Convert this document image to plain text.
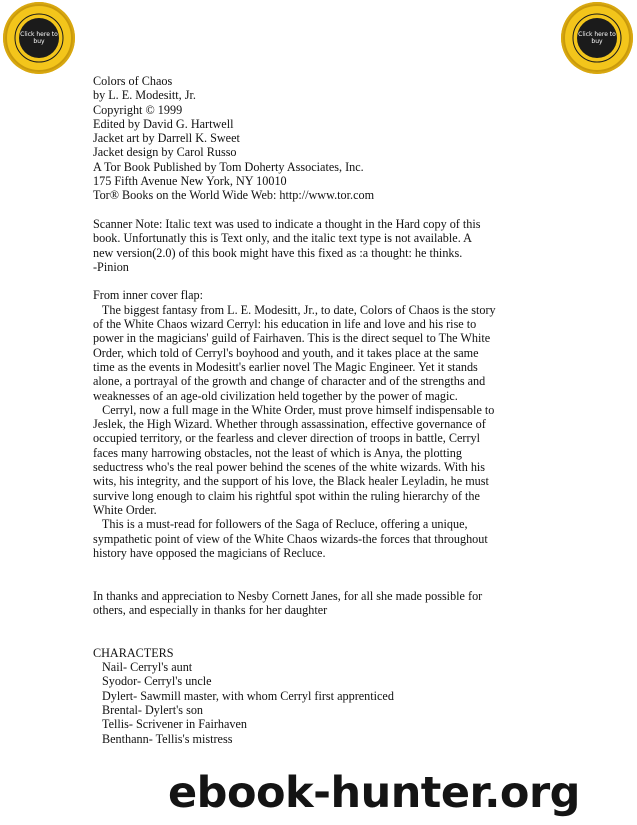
Click here to buy
Click here to buy
Colors of Chaos
by L. E. Modesitt, Jr.
Copyright © 1999
Edited by David G. Hartwell
Jacket art by Darrell K. Sweet
Jacket design by Carol Russo
A Tor Book Published by Tom Doherty Associates, Inc.
175 Fifth Avenue New York, NY 10010
Tor® Books on the World Wide Web: http://www.tor.com
Scanner Note: Italic text was used to indicate a thought in the Hard copy of this
book. Unfortunatly this is Text only, and the italic text type is not available. A
new version(2.0) of this book might have this fixed as :a thought: he thinks.
-Pinion
From inner cover flap:
The biggest fantasy from L. E. Modesitt, Jr., to date, Colors of Chaos is the story
of the White Chaos wizard Cerryl: his education in life and love and his rise to
power in the magicians' guild of Fairhaven. This is the direct sequel to The White
Order, which told of Cerryl's boyhood and youth, and it takes place at the same
time as the events in Modesitt's earlier novel The Magic Engineer. Yet it stands
alone, a portrayal of the growth and change of character and of the strengths and
weaknesses of an age-old civilization held together by the power of magic.
Cerryl, now a full mage in the White Order, must prove himself indispensable to
Jeslek, the High Wizard. Whether through assassination, effective governance of
occupied territory, or the fearless and clever direction of troops in battle, Cerryl
faces many harrowing obstacles, not the least of which is Anya, the plotting
seductress who's the real power behind the scenes of the white wizards. With his
wits, his integrity, and the support of his love, the Black healer Leyladin, he must
survive long enough to claim his rightful spot within the ruling hierarchy of the
White Order.
This is a must-read for followers of the Saga of Recluce, offering a unique,
sympathetic point of view of the White Chaos wizards-the forces that throughout
history have opposed the magicians of Recluce.
In thanks and appreciation to Nesby Cornett Janes, for all she made possible for
others, and especially in thanks for her daughter
CHARACTERS
Nail- Cerryl's aunt
Syodor- Cerryl's uncle
Dylert- Sawmill master, with whom Cerryl first apprenticed
Brental- Dylert's son
Tellis- Scrivener in Fairhaven
Benthann- Tellis's mistress
ebook-hunter.org
